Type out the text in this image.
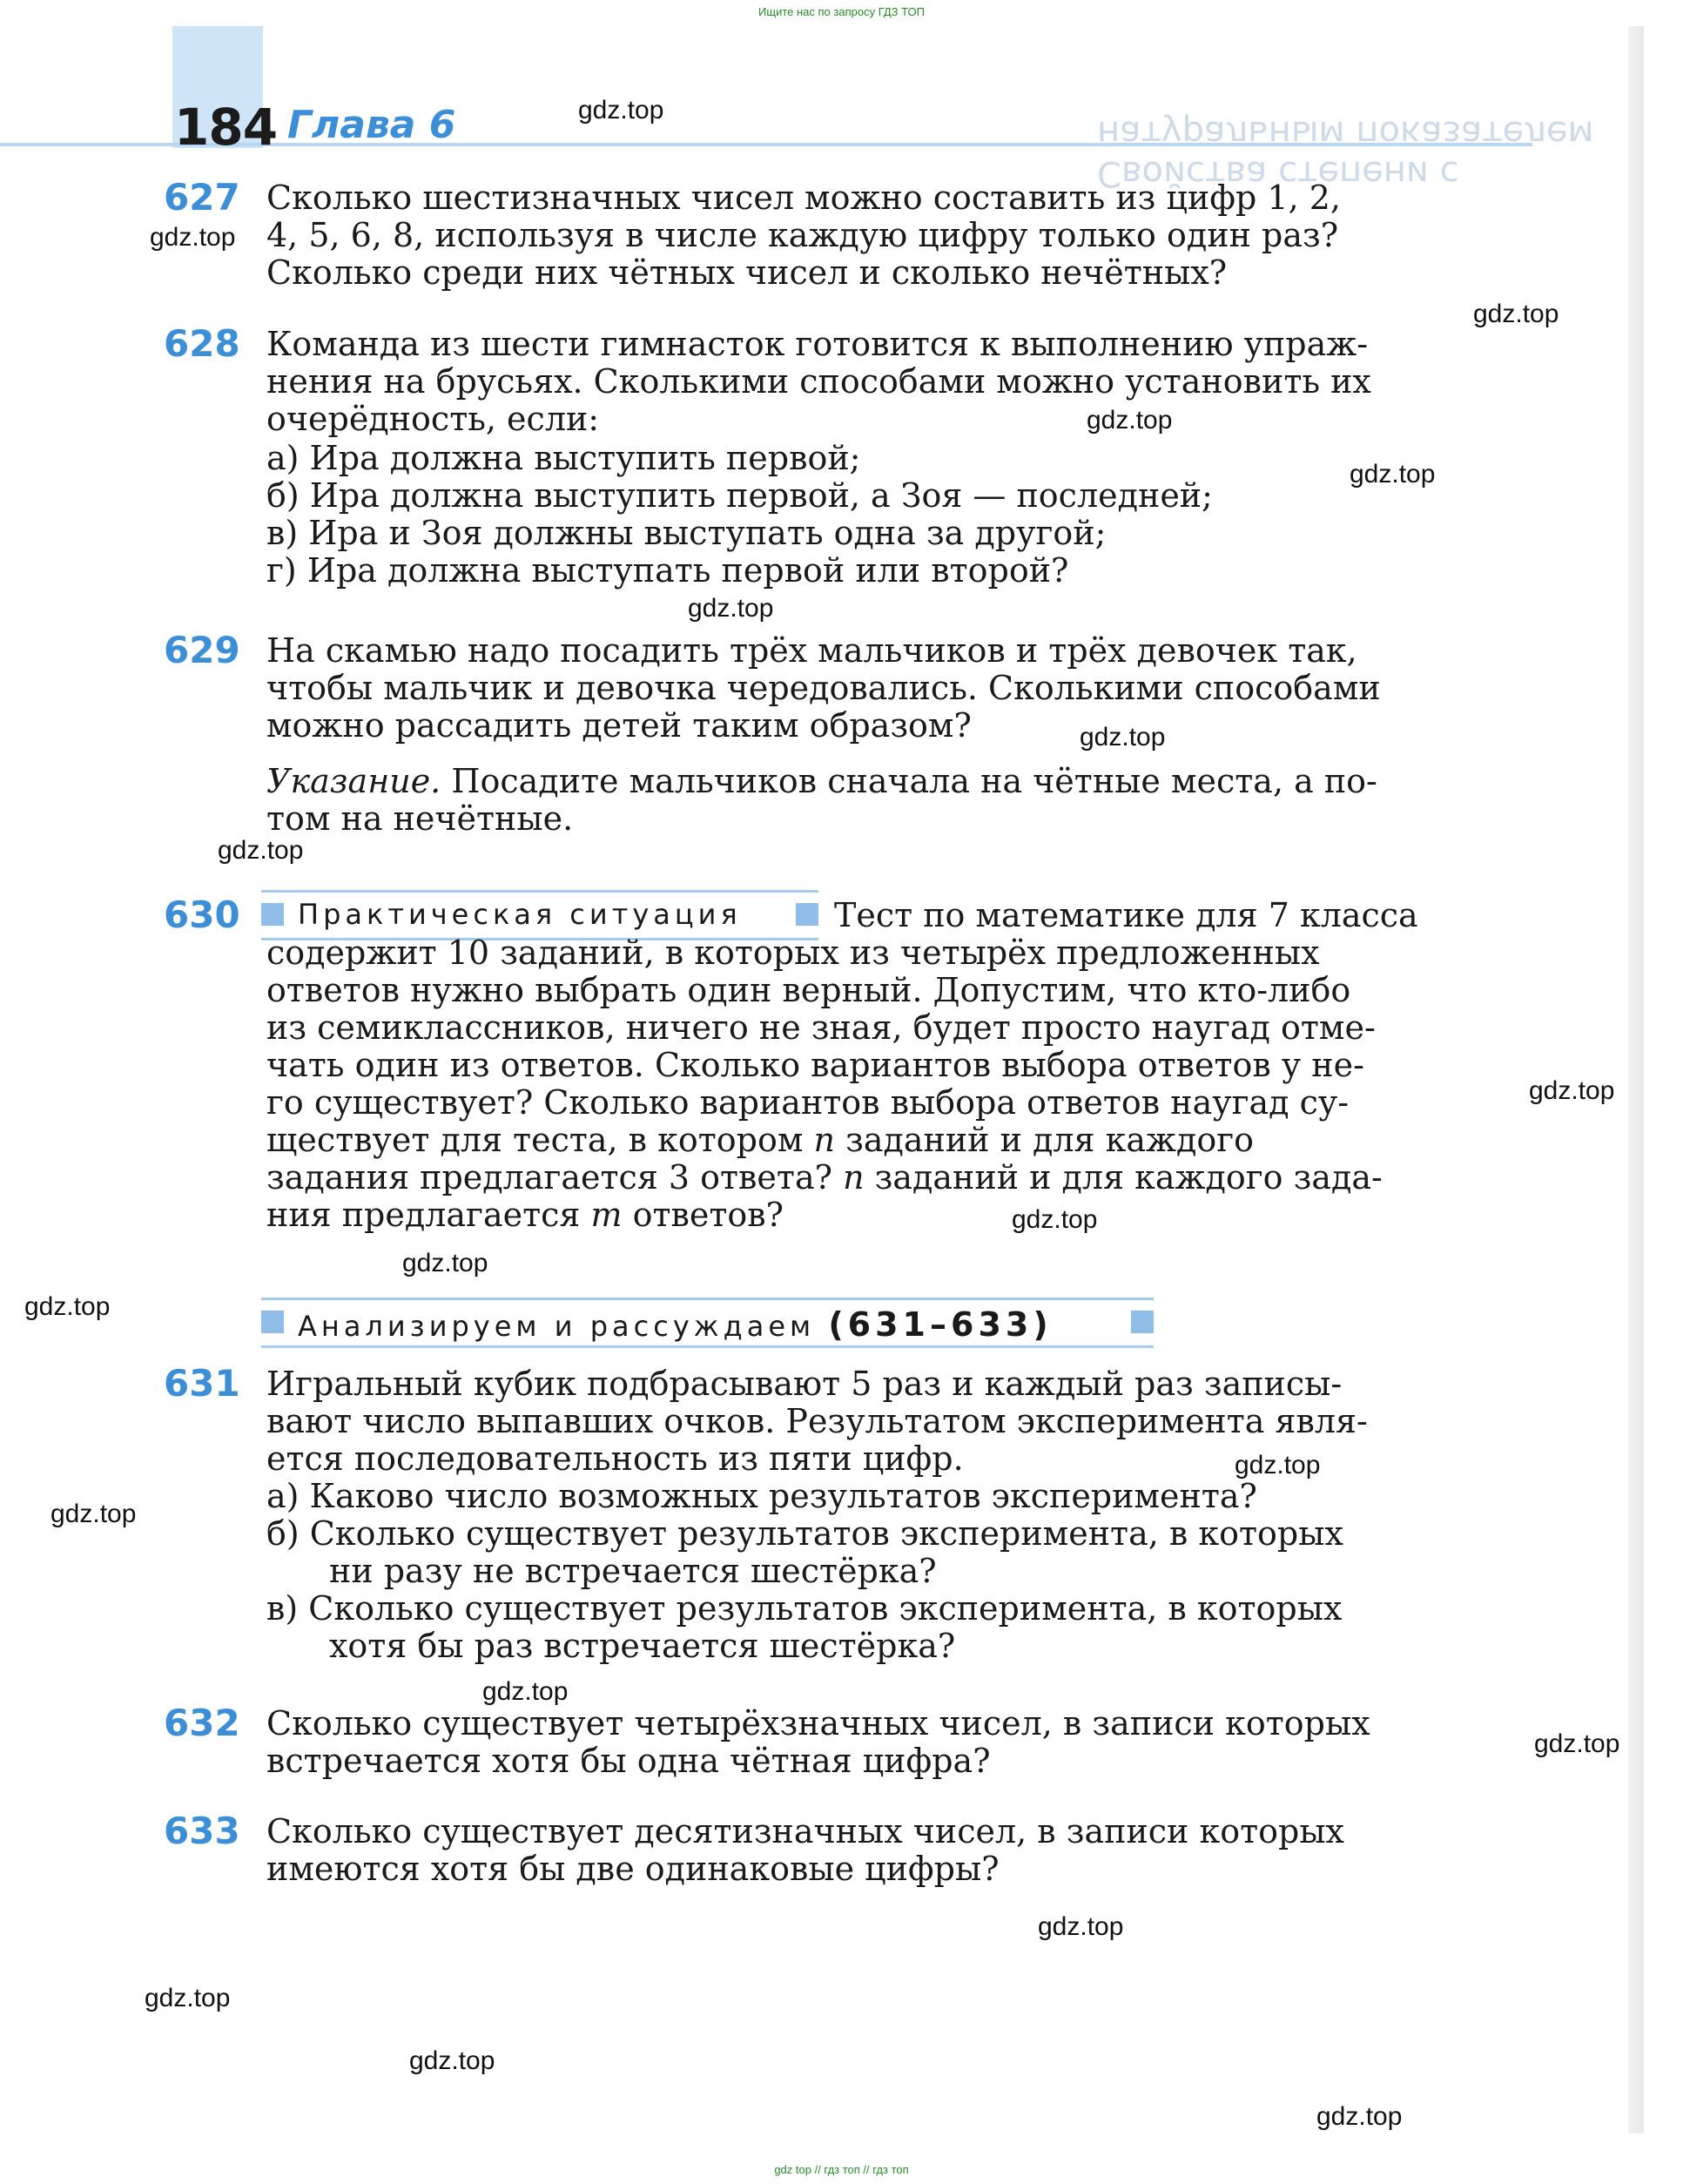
Ищите нас по запросу ГДЗ ТОП
Свойства степени с натуральным показателем
184 Глава 6
627 Сколько шестизначных чисел можно составить из цифр 1, 2,
4, 5, 6, 8, используя в числе каждую цифру только один раз?
Сколько среди них чётных чисел и сколько нечётных?
628 Команда из шести гимнасток готовится к выполнению упраж-
нения на брусьях. Сколькими способами можно установить их
очерёдность, если:
а) Ира должна выступить первой;
б) Ира должна выступить первой, а Зоя — последней;
в) Ира и Зоя должны выступать одна за другой;
г) Ира должна выступать первой или второй?
629 На скамью надо посадить трёх мальчиков и трёх девочек так,
чтобы мальчик и девочка чередовались. Сколькими способами
можно рассадить детей таким образом?
Указание. Посадите мальчиков сначала на чётные места, а по-
том на нечётные.
630 Практическая ситуация	Тест по математике для 7 класса
содержит 10 заданий, в которых из четырёх предложенных
ответов нужно выбрать один верный. Допустим, что кто-либо
из семиклассников, ничего не зная, будет просто наугад отме-
чать один из ответов. Сколько вариантов выбора ответов у не-
го существует? Сколько вариантов выбора ответов наугад су-
ществует для теста, в котором n заданий и для каждого
задания предлагается 3 ответа? n заданий и для каждого зада-
ния предлагается m ответов?
Анализируем и рассуждаем (631–633)
631 Игральный кубик подбрасывают 5 раз и каждый раз записы-
вают число выпавших очков. Результатом эксперимента явля-
ется последовательность из пяти цифр.
а) Каково число возможных результатов эксперимента?
б) Сколько существует результатов эксперимента, в которых
ни разу не встречается шестёрка?
в) Сколько существует результатов эксперимента, в которых
хотя бы раз встречается шестёрка?
632 Сколько существует четырёхзначных чисел, в записи которых
встречается хотя бы одна чётная цифра?
633 Сколько существует десятизначных чисел, в записи которых
имеются хотя бы две одинаковые цифры?
gdz.top
gdz.top
gdz.top
gdz.top
gdz.top
gdz.top
gdz.top
gdz.top
gdz.top
gdz.top
gdz.top
gdz.top
gdz.top
gdz.top
gdz.top
gdz.top
gdz.top
gdz.top
gdz.top
gdz.top
gdz top // гдз топ // гдз топ
